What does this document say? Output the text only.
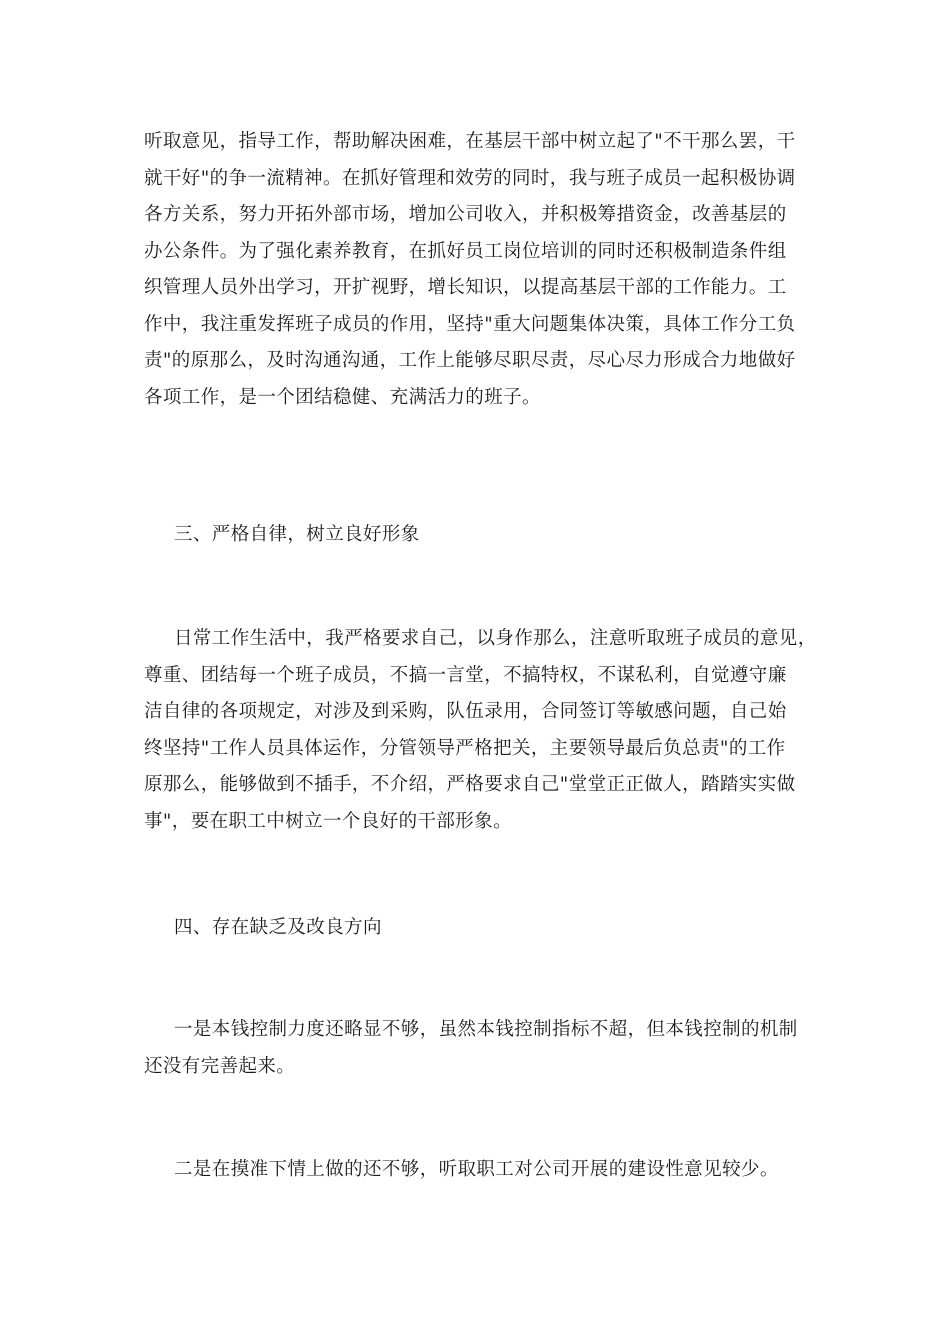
听取意见，指导工作，帮助解决困难，在基层干部中树立起了"不干那么罢，干
就干好"的争一流精神。在抓好管理和效劳的同时，我与班子成员一起积极协调
各方关系，努力开拓外部市场，增加公司收入，并积极筹措资金，改善基层的
办公条件。为了强化素养教育，在抓好员工岗位培训的同时还积极制造条件组
织管理人员外出学习，开扩视野，增长知识，以提高基层干部的工作能力。工
作中，我注重发挥班子成员的作用，坚持"重大问题集体决策，具体工作分工负
责"的原那么，及时沟通沟通，工作上能够尽职尽责，尽心尽力形成合力地做好
各项工作，是一个团结稳健、充满活力的班子。
三、严格自律，树立良好形象
日常工作生活中，我严格要求自己，以身作那么，注意听取班子成员的意见，
尊重、团结每一个班子成员，不搞一言堂，不搞特权，不谋私利，自觉遵守廉
洁自律的各项规定，对涉及到采购，队伍录用，合同签订等敏感问题，自己始
终坚持"工作人员具体运作，分管领导严格把关，主要领导最后负总责"的工作
原那么，能够做到不插手，不介绍，严格要求自己"堂堂正正做人，踏踏实实做
事"，要在职工中树立一个良好的干部形象。
四、存在缺乏及改良方向
一是本钱控制力度还略显不够，虽然本钱控制指标不超，但本钱控制的机制
还没有完善起来。
二是在摸准下情上做的还不够，听取职工对公司开展的建设性意见较少。
